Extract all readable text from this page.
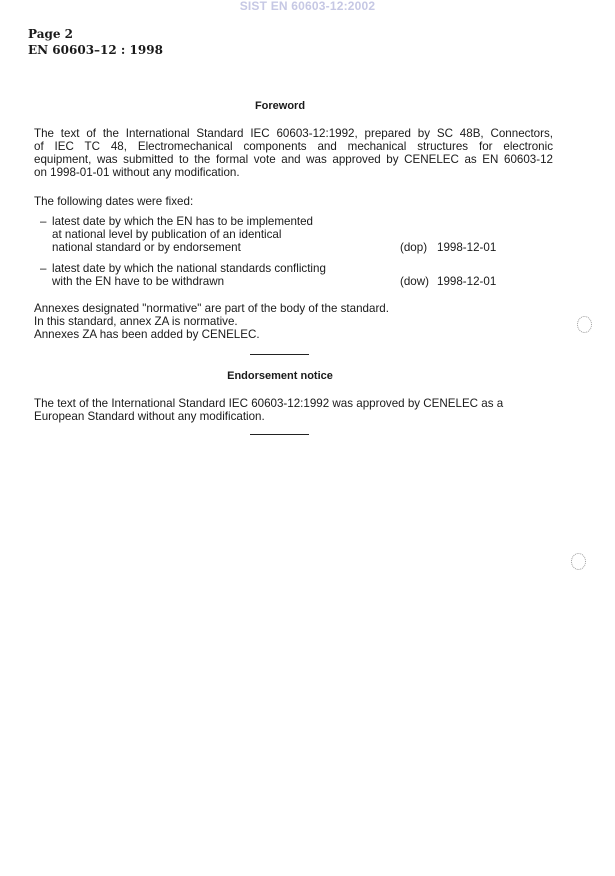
SIST EN 60603-12:2002
Page 2
EN 60603–12 : 1998
Foreword
The text of the International Standard IEC 60603-12:1992, prepared by SC 48B, Connectors,
of IEC TC 48, Electromechanical components and mechanical structures for electronic
equipment, was submitted to the formal vote and was approved by CENELEC as EN 60603-12
on 1998-01-01 without any modification.
The following dates were fixed:
– latest date by which the EN has to be implemented
at national level by publication of an identical
national standard or by endorsement	(dop) 1998-12-01
– latest date by which the national standards conflicting
with the EN have to be withdrawn	(dow) 1998-12-01
Annexes designated "normative" are part of the body of the standard.
In this standard, annex ZA is normative.
Annexes ZA has been added by CENELEC.
Endorsement notice
The text of the International Standard IEC 60603-12:1992 was approved by CENELEC as a
European Standard without any modification.
